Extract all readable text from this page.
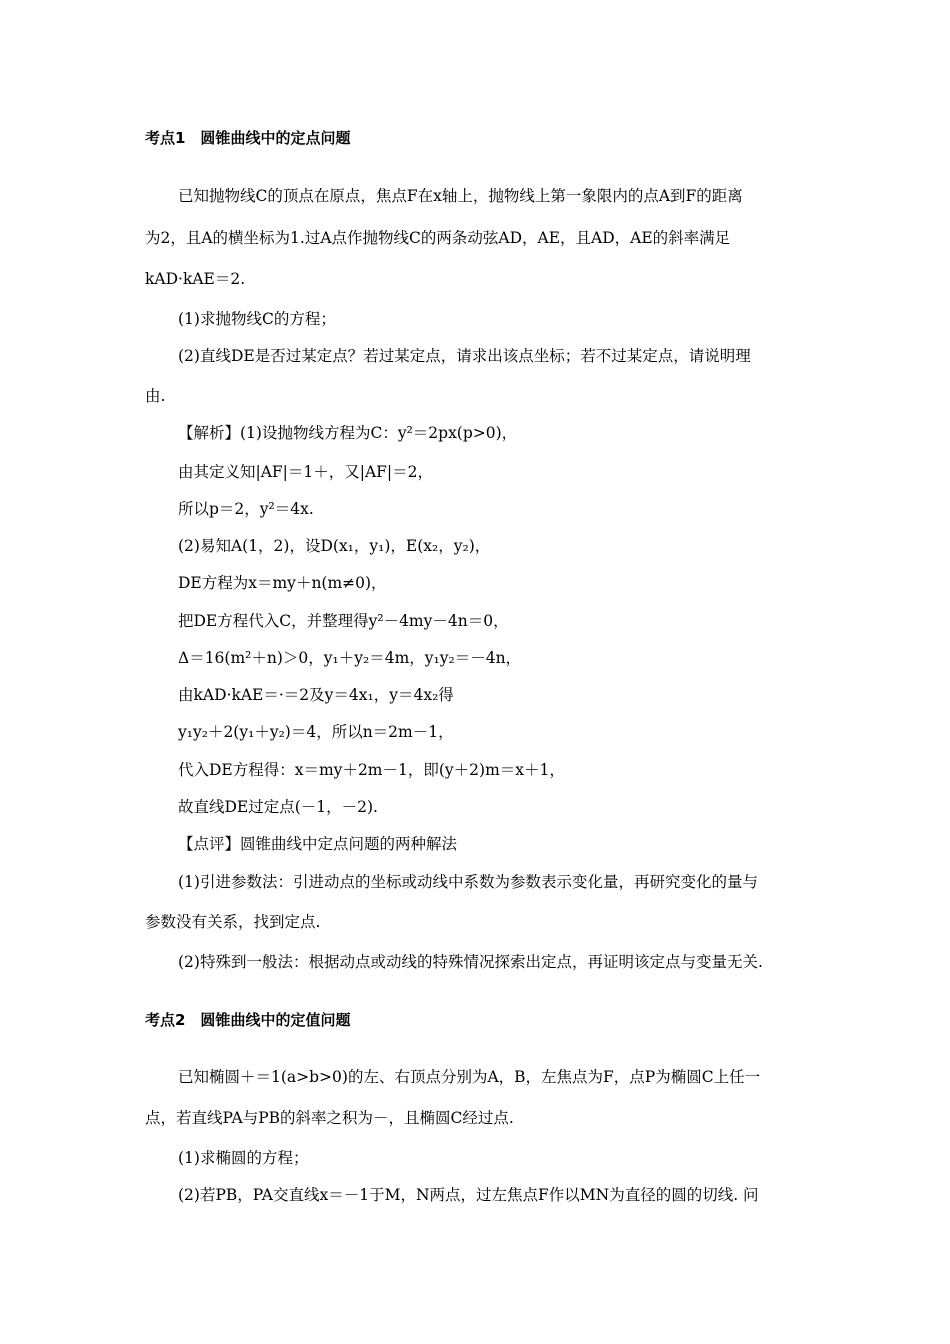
考点1　圆锥曲线中的定点问题
已知抛物线C的顶点在原点，焦点F在x轴上，抛物线上第一象限内的点A到F的距离
为2，且A的横坐标为1.过A点作抛物线C的两条动弦AD，AE，且AD，AE的斜率满足
kAD·kAE＝2.
(1)求抛物线C的方程；
(2)直线DE是否过某定点？若过某定点，请求出该点坐标；若不过某定点，请说明理
由.
【解析】(1)设抛物线方程为C：y²＝2px(p>0)，
由其定义知|AF|＝1＋，又|AF|＝2，
所以p＝2，y²＝4x.
(2)易知A(1，2)，设D(x₁，y₁)，E(x₂，y₂)，
DE方程为x＝my＋n(m≠0)，
把DE方程代入C，并整理得y²－4my－4n＝0，
Δ＝16(m²＋n)＞0，y₁＋y₂＝4m，y₁y₂＝－4n，
由kAD·kAE＝·＝2及y＝4x₁，y＝4x₂得
y₁y₂＋2(y₁＋y₂)＝4，所以n＝2m－1，
代入DE方程得：x＝my＋2m－1，即(y＋2)m＝x＋1，
故直线DE过定点(－1，－2).
【点评】圆锥曲线中定点问题的两种解法
(1)引进参数法：引进动点的坐标或动线中系数为参数表示变化量，再研究变化的量与
参数没有关系，找到定点.
(2)特殊到一般法：根据动点或动线的特殊情况探索出定点，再证明该定点与变量无关.
考点2　圆锥曲线中的定值问题
已知椭圆＋＝1(a>b>0)的左、右顶点分别为A，B，左焦点为F，点P为椭圆C上任一
点，若直线PA与PB的斜率之积为－，且椭圆C经过点.
(1)求椭圆的方程；
(2)若PB，PA交直线x＝－1于M，N两点，过左焦点F作以MN为直径的圆的切线. 问
